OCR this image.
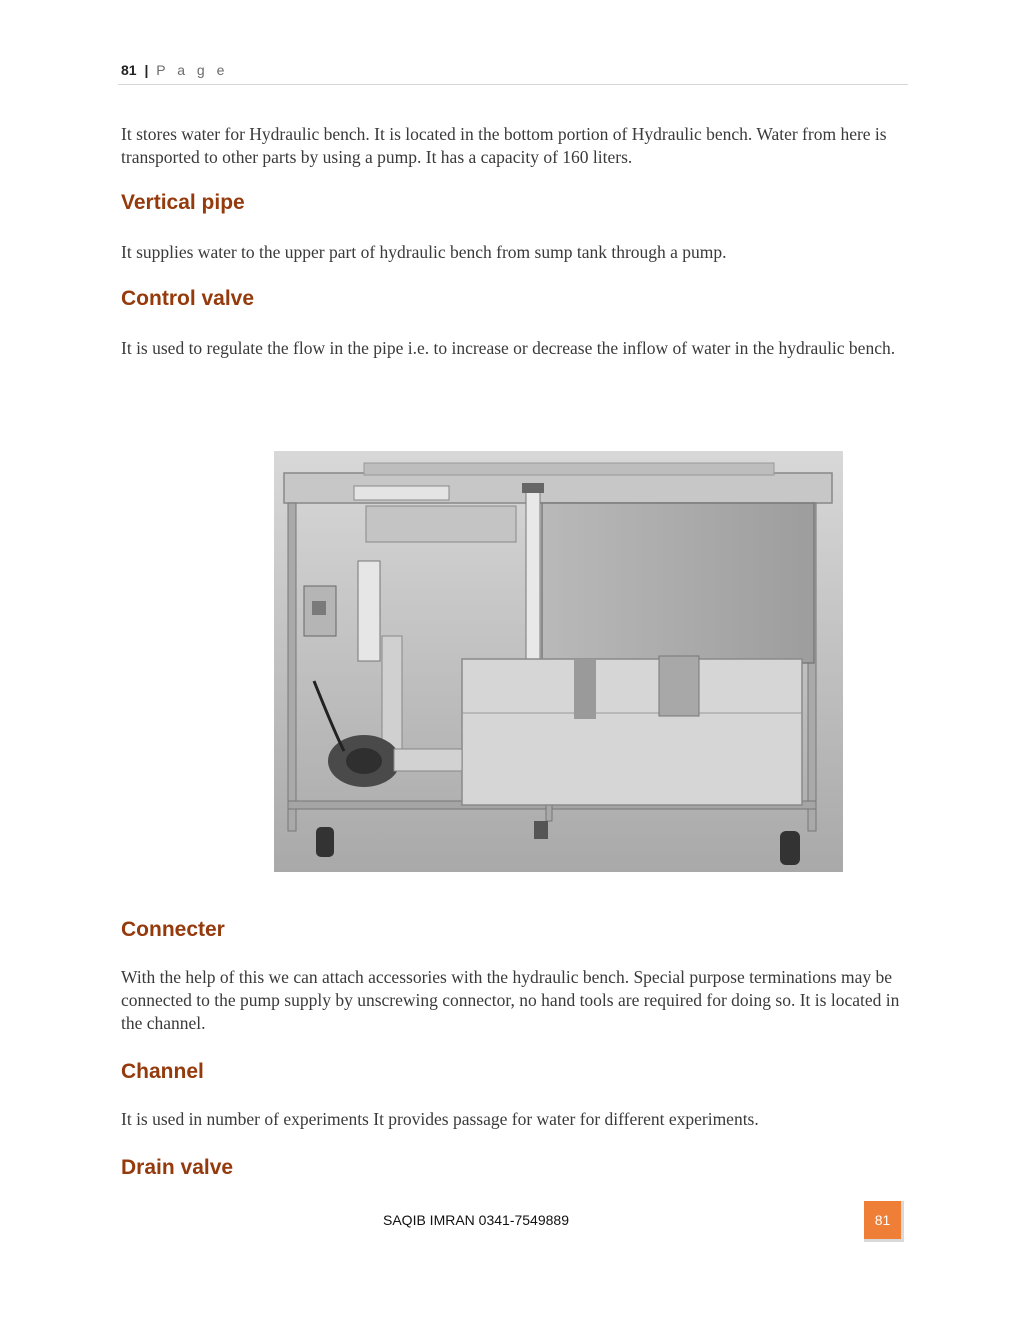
81 | P a g e

It stores water for Hydraulic bench. It is located in the bottom portion of Hydraulic bench. Water from here is transported to other parts by using a pump. It has a capacity of 160 liters.

Vertical pipe

It supplies water to the upper part of hydraulic bench from sump tank through a pump.

Control valve

It is used to regulate the flow in the pipe i.e. to increase or decrease the inflow of water in the hydraulic bench.

Connecter

With the help of this we can attach accessories with the hydraulic bench. Special purpose terminations may be connected to the pump supply by unscrewing connector, no hand tools are required for doing so. It is located in the channel.

Channel

It is used in number of experiments It provides passage for water for different experiments.

Drain valve
SAQIB IMRAN 0341-7549889	81
